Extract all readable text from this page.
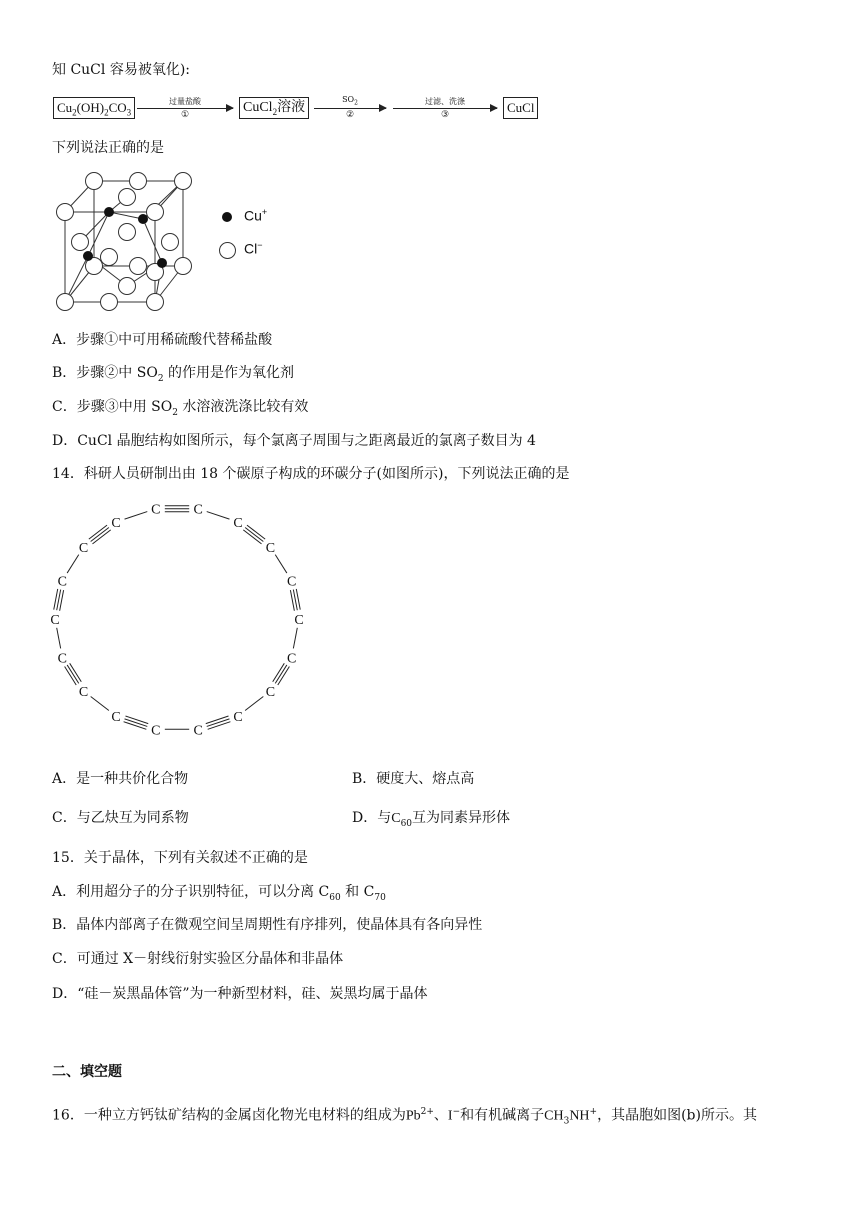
知 CuCl 容易被氧化):
$Cu_2(OH)_2CO_3$
过量盐酸
①	CuCl$_2$溶液
$SO_2$
②
过滤、洗涤
③	CuCl
下列说法正确的是
Cu+
Cl−
A．步骤①中可用稀硫酸代替稀盐酸
B．步骤②中 $SO_2$ 的作用是作为氧化剂
C．步骤③中用 $SO_2$ 水溶液洗涤比较有效
D．CuCl 晶胞结构如图所示，每个氯离子周围与之距离最近的氯离子数目为 4
14．科研人员研制出由 18 个碳原子构成的环碳分子(如图所示)，下列说法正确的是
C C
C
C
C
C
C
C
C
C
C
C
C
C
C
C
C
C
A．是一种共价化合物	B．硬度大、熔点高
C．与乙炔互为同系物	D．与$C_{60}$互为同素异形体
15．关于晶体，下列有关叙述不正确的是
A．利用超分子的分子识别特征，可以分离 $C_{60}$ 和 $C_{70}$
B．晶体内部离子在微观空间呈周期性有序排列，使晶体具有各向异性
C．可通过 X－射线衍射实验区分晶体和非晶体
D．“硅－炭黑晶体管”为一种新型材料，硅、炭黑均属于晶体
二、填空题
16．一种立方钙钛矿结构的金属卤化物光电材料的组成为$Pb^{2+}$、I−和有机碱离子$CH_3NH^+$，其晶胞如图(b)所示。其
